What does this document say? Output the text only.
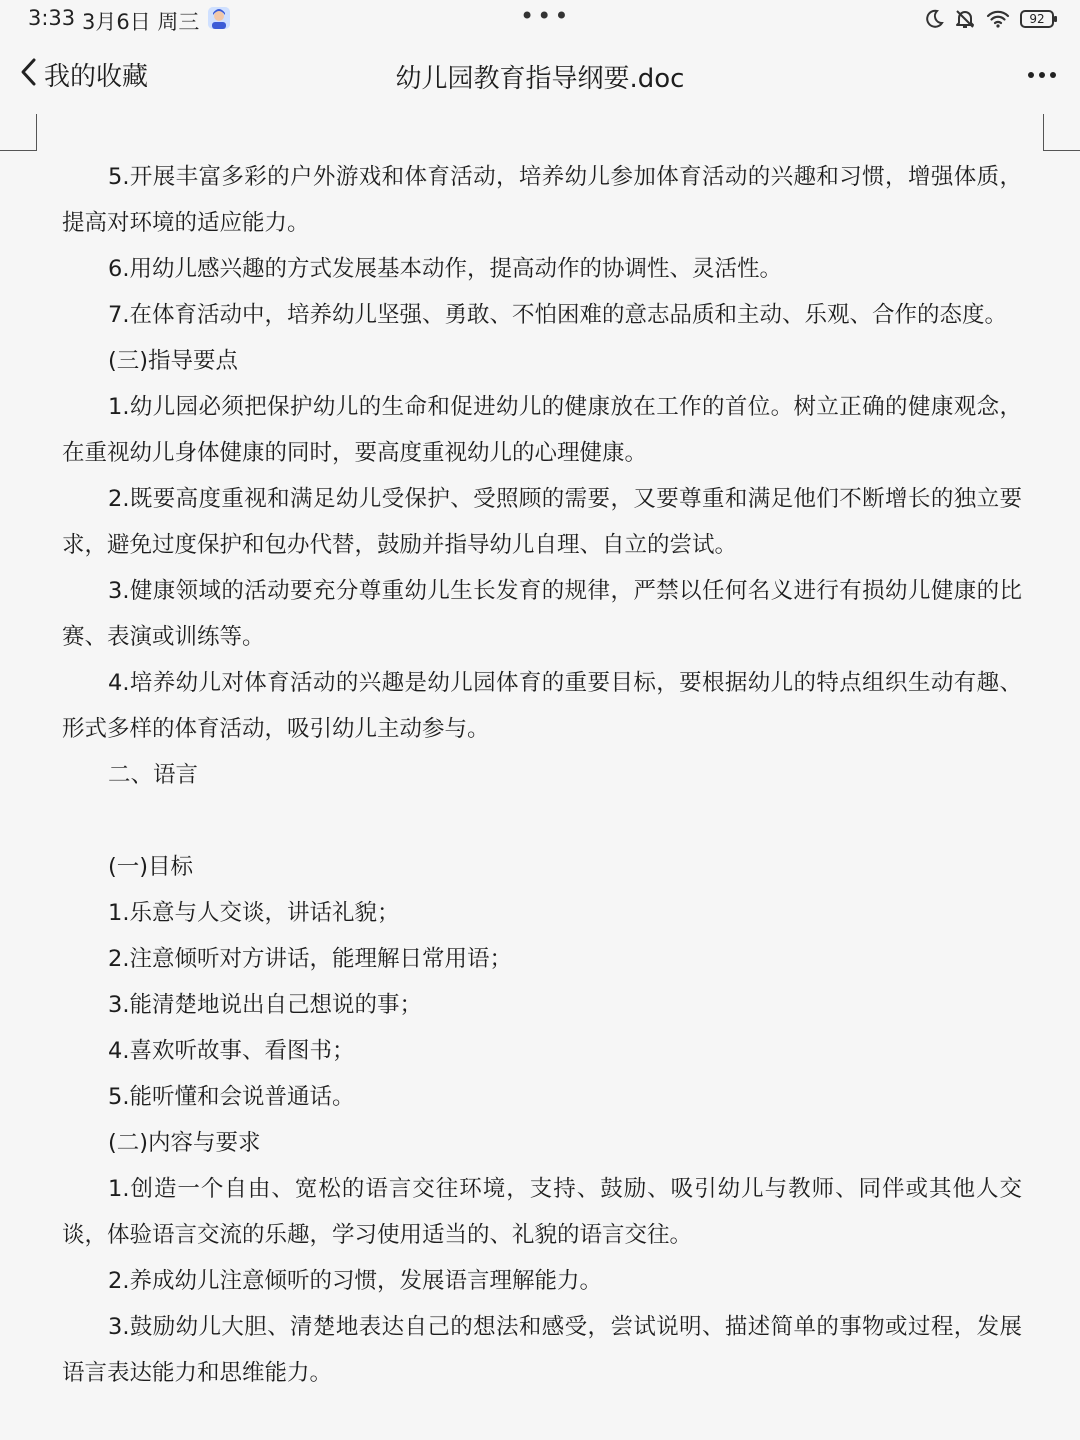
3:33 3月6日 周三	•••	92
我的收藏	幼儿园教育指导纲要.doc

5.开展丰富多彩的户外游戏和体育活动，培养幼儿参加体育活动的兴趣和习惯，增强体质，提高对环境的适应能力。

6.用幼儿感兴趣的方式发展基本动作，提高动作的协调性、灵活性。

7.在体育活动中，培养幼儿坚强、勇敢、不怕困难的意志品质和主动、乐观、合作的态度。

(三)指导要点

1.幼儿园必须把保护幼儿的生命和促进幼儿的健康放在工作的首位。树立正确的健康观念，在重视幼儿身体健康的同时，要高度重视幼儿的心理健康。

2.既要高度重视和满足幼儿受保护、受照顾的需要，又要尊重和满足他们不断增长的独立要求，避免过度保护和包办代替，鼓励并指导幼儿自理、自立的尝试。

3.健康领域的活动要充分尊重幼儿生长发育的规律，严禁以任何名义进行有损幼儿健康的比赛、表演或训练等。

4.培养幼儿对体育活动的兴趣是幼儿园体育的重要目标，要根据幼儿的特点组织生动有趣、形式多样的体育活动，吸引幼儿主动参与。

二、语言

(一)目标

1.乐意与人交谈，讲话礼貌；

2.注意倾听对方讲话，能理解日常用语；

3.能清楚地说出自己想说的事；

4.喜欢听故事、看图书；

5.能听懂和会说普通话。

(二)内容与要求

1.创造一个自由、宽松的语言交往环境，支持、鼓励、吸引幼儿与教师、同伴或其他人交谈，体验语言交流的乐趣，学习使用适当的、礼貌的语言交往。

2.养成幼儿注意倾听的习惯，发展语言理解能力。

3.鼓励幼儿大胆、清楚地表达自己的想法和感受，尝试说明、描述简单的事物或过程，发展语言表达能力和思维能力。
